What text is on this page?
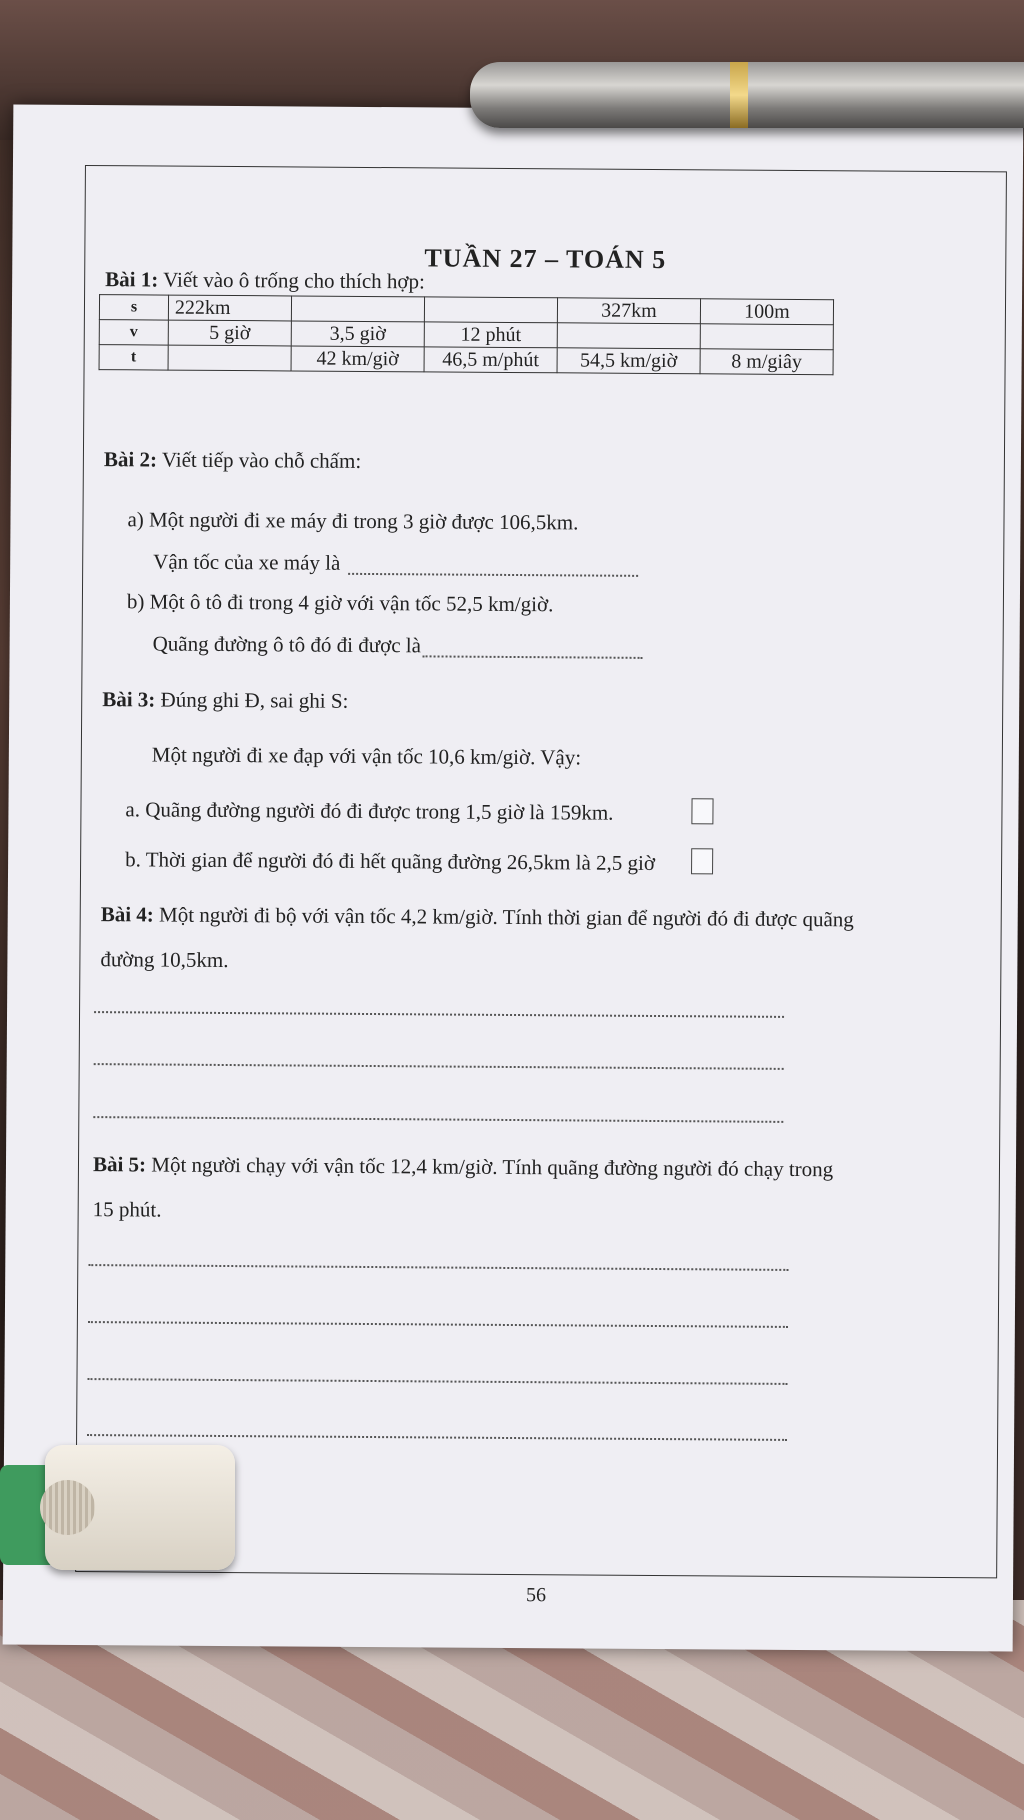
TUẦN 27 – TOÁN 5
Bài 1: Viết vào ô trống cho thích hợp:
s	222km			327km	100m
v	5 giờ	3,5 giờ	12 phút		
t		42 km/giờ	46,5 m/phút	54,5 km/giờ	8 m/giây
Bài 2: Viết tiếp vào chỗ chấm:
a) Một người đi xe máy đi trong 3 giờ được 106,5km.
Vận tốc của xe máy là
b) Một ô tô đi trong 4 giờ với vận tốc 52,5 km/giờ.
Quãng đường ô tô đó đi được là
Bài 3: Đúng ghi Đ, sai ghi S:
Một người đi xe đạp với vận tốc 10,6 km/giờ. Vậy:
a. Quãng đường người đó đi được trong 1,5 giờ là 159km.
b. Thời gian để người đó đi hết quãng đường 26,5km là 2,5 giờ
Bài 4: Một người đi bộ với vận tốc 4,2 km/giờ. Tính thời gian để người đó đi được quãng
đường 10,5km.
Bài 5: Một người chạy với vận tốc 12,4 km/giờ. Tính quãng đường người đó chạy trong
15 phút.
56
